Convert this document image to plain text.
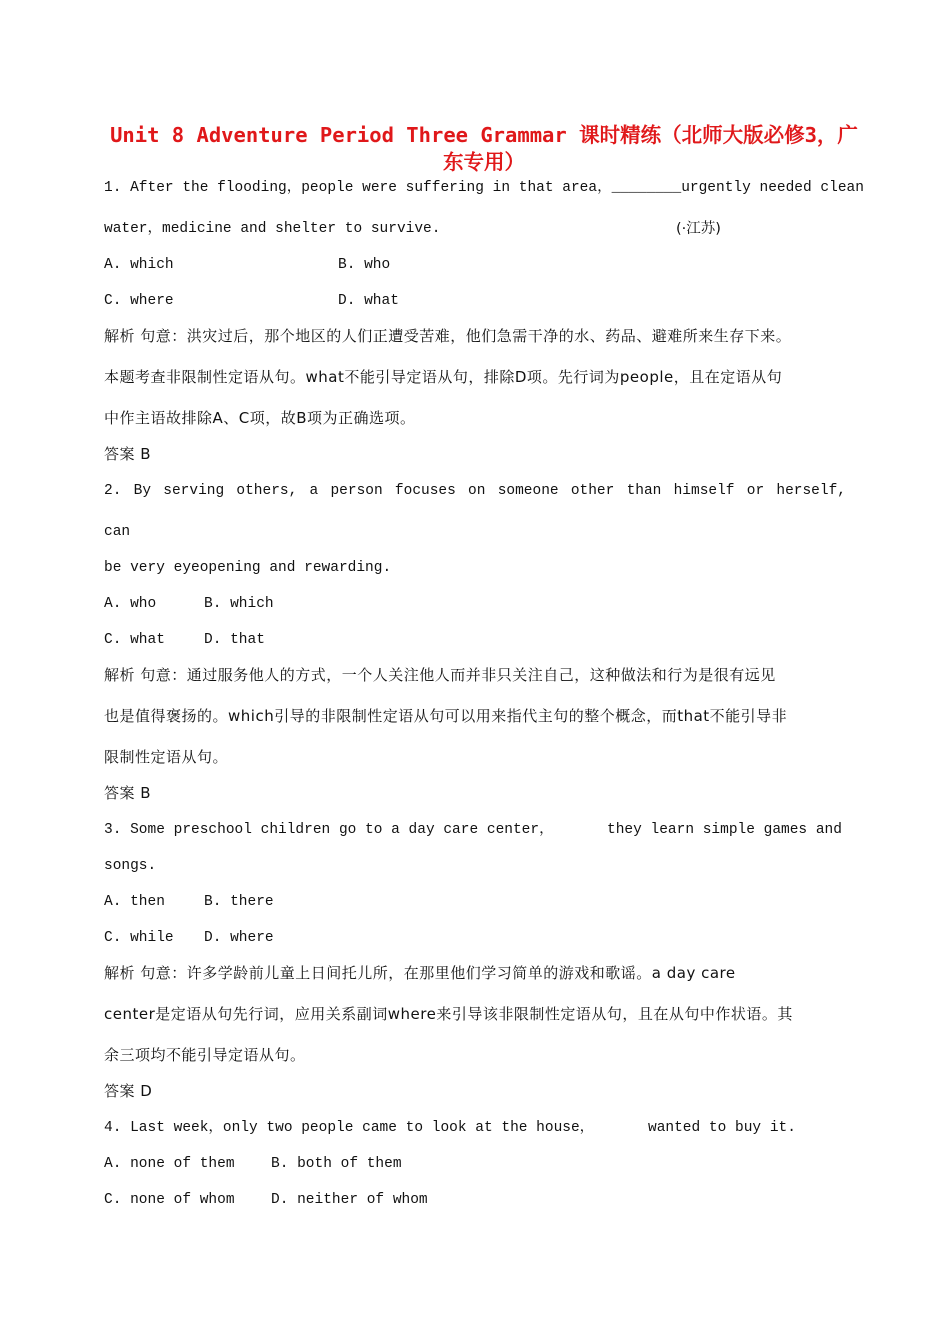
Unit 8 Adventure Period Three Grammar 课时精练（北师大版必修3，广
东专用）
1. After the flooding，people were suffering in that area，________urgently needed clean
water，medicine and shelter to survive.	(·江苏)
A. which	B. who
C. where	D. what
解析 句意：洪灾过后，那个地区的人们正遭受苦难，他们急需干净的水、药品、避难所来生存下来。
本题考查非限制性定语从句。what不能引导定语从句，排除D项。先行词为people，且在定语从句
中作主语故排除A、C项，故B项为正确选项。
答案 B
2. By serving others, a person focuses on someone other than himself or herself,
can
be very eyeopening and rewarding.
A. who	B. which
C. what	D. that
解析 句意：通过服务他人的方式，一个人关注他人而并非只关注自己，这种做法和行为是很有远见
也是值得褒扬的。which引导的非限制性定语从句可以用来指代主句的整个概念，而that不能引导非
限制性定语从句。
答案 B
3. Some preschool children go to a day care center，	they learn simple games and
songs.
A. then	B. there
C. while D. where
解析 句意：许多学龄前儿童上日间托儿所，在那里他们学习简单的游戏和歌谣。a day care
center是定语从句先行词，应用关系副词where来引导该非限制性定语从句，且在从句中作状语。其
余三项均不能引导定语从句。
答案 D
4. Last week，only two people came to look at the house，	wanted to buy it.
A. none of them	B. both of them
C. none of whom	D. neither of whom
